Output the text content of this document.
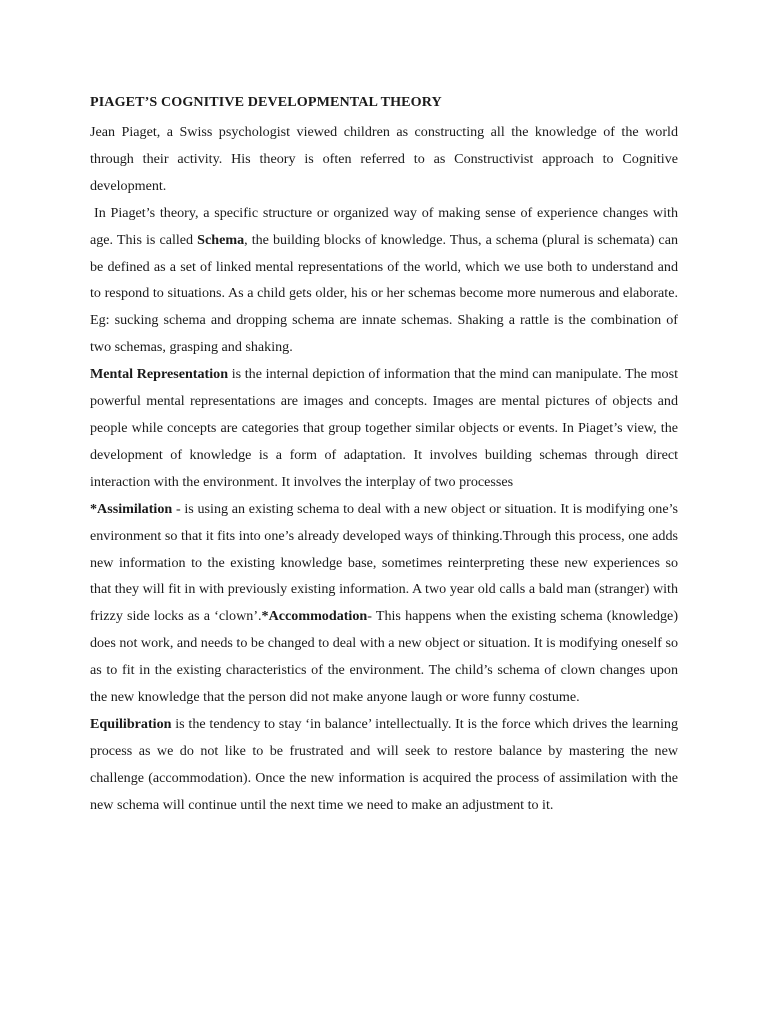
PIAGET’S COGNITIVE DEVELOPMENTAL THEORY

Jean Piaget, a Swiss psychologist viewed children as constructing all the knowledge of the world through their activity. His theory is often referred to as Constructivist approach to Cognitive development.

In Piaget’s theory, a specific structure or organized way of making sense of experience changes with age. This is called Schema, the building blocks of knowledge. Thus, a schema (plural is schemata) can be defined as a set of linked mental representations of the world, which we use both to understand and to respond to situations. As a child gets older, his or her schemas become more numerous and elaborate. Eg: sucking schema and dropping schema are innate schemas. Shaking a rattle is the combination of two schemas, grasping and shaking.

Mental Representation is the internal depiction of information that the mind can manipulate. The most powerful mental representations are images and concepts. Images are mental pictures of objects and people while concepts are categories that group together similar objects or events. In Piaget’s view, the development of knowledge is a form of adaptation. It involves building schemas through direct interaction with the environment. It involves the interplay of two processes

*Assimilation - is using an existing schema to deal with a new object or situation. It is modifying one’s environment so that it fits into one’s already developed ways of thinking.Through this process, one adds new information to the existing knowledge base, sometimes reinterpreting these new experiences so that they will fit in with previously existing information. A two year old calls a bald man (stranger) with frizzy side locks as a ‘clown’.*Accommodation- This happens when the existing schema (knowledge) does not work, and needs to be changed to deal with a new object or situation. It is modifying oneself so as to fit in the existing characteristics of the environment. The child’s schema of clown changes upon the new knowledge that the person did not make anyone laugh or wore funny costume.

Equilibration is the tendency to stay ‘in balance’ intellectually. It is the force which drives the learning process as we do not like to be frustrated and will seek to restore balance by mastering the new challenge (accommodation). Once the new information is acquired the process of assimilation with the new schema will continue until the next time we need to make an adjustment to it.
